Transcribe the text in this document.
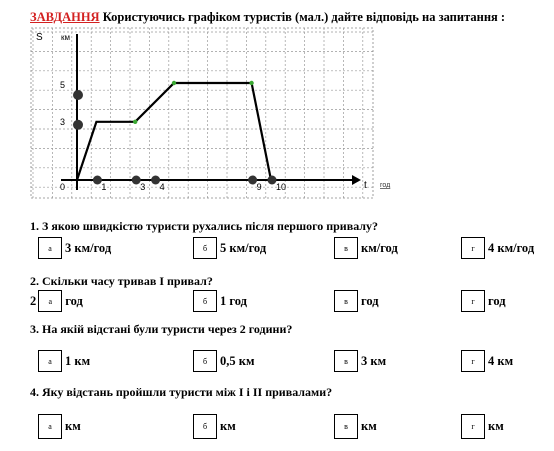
ЗАВДАННЯ Користуючись графіком туристів (мал.) дайте відповідь на запитання :
S км
0
3
5
1	3 4	9 10	t год
1. З якою швидкістю туристи рухались після першого привалу?
2. Скільки часу тривав І привал?
3. На якій відстані були туристи через 2 години?
4. Яку відстань пройшли туристи між І і ІІ привалами?
а	3 км/год	б	5 км/год	в	км/год	г	4 км/год
2	а	год	б	1 год	в	год	г	год
а	1 км	б	0,5 км	в	3 км	г	4 км
а	км	б	км	в	км	г	км
